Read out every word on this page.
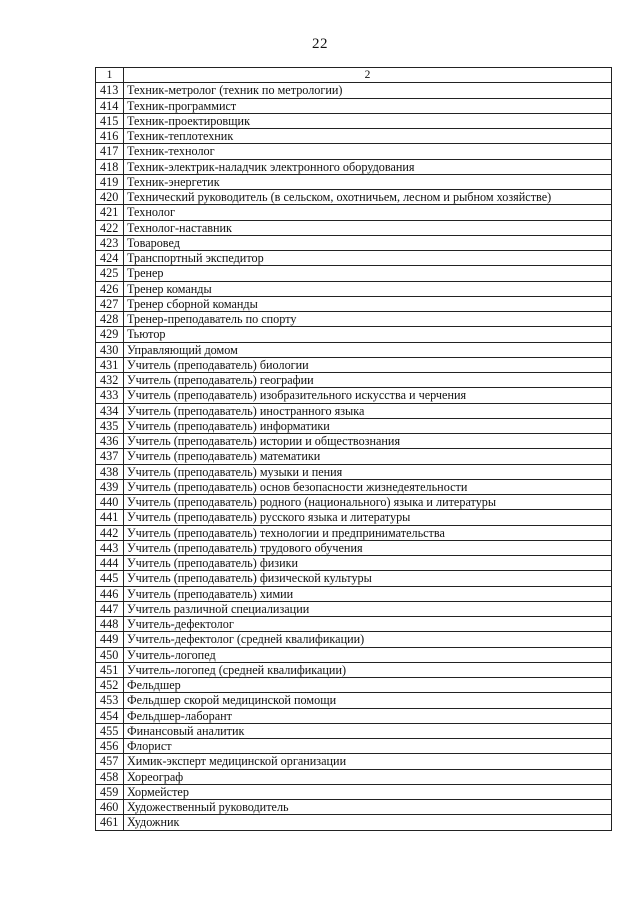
22
1	2
413	Техник-метролог (техник по метрологии)
414	Техник-программист
415	Техник-проектировщик
416	Техник-теплотехник
417	Техник-технолог
418	Техник-электрик-наладчик электронного оборудования
419	Техник-энергетик
420	Технический руководитель (в сельском, охотничьем, лесном и рыбном хозяйстве)
421	Технолог
422	Технолог-наставник
423	Товаровед
424	Транспортный экспедитор
425	Тренер
426	Тренер команды
427	Тренер сборной команды
428	Тренер-преподаватель по спорту
429	Тьютор
430	Управляющий домом
431	Учитель (преподаватель) биологии
432	Учитель (преподаватель) географии
433	Учитель (преподаватель) изобразительного искусства и черчения
434	Учитель (преподаватель) иностранного языка
435	Учитель (преподаватель) информатики
436	Учитель (преподаватель) истории и обществознания
437	Учитель (преподаватель) математики
438	Учитель (преподаватель) музыки и пения
439	Учитель (преподаватель) основ безопасности жизнедеятельности
440	Учитель (преподаватель) родного (национального) языка и литературы
441	Учитель (преподаватель) русского языка и литературы
442	Учитель (преподаватель) технологии и предпринимательства
443	Учитель (преподаватель) трудового обучения
444	Учитель (преподаватель) физики
445	Учитель (преподаватель) физической культуры
446	Учитель (преподаватель) химии
447	Учитель различной специализации
448	Учитель-дефектолог
449	Учитель-дефектолог (средней квалификации)
450	Учитель-логопед
451	Учитель-логопед (средней квалификации)
452	Фельдшер
453	Фельдшер скорой медицинской помощи
454	Фельдшер-лаборант
455	Финансовый аналитик
456	Флорист
457	Химик-эксперт медицинской организации
458	Хореограф
459	Хормейстер
460	Художественный руководитель
461	Художник
